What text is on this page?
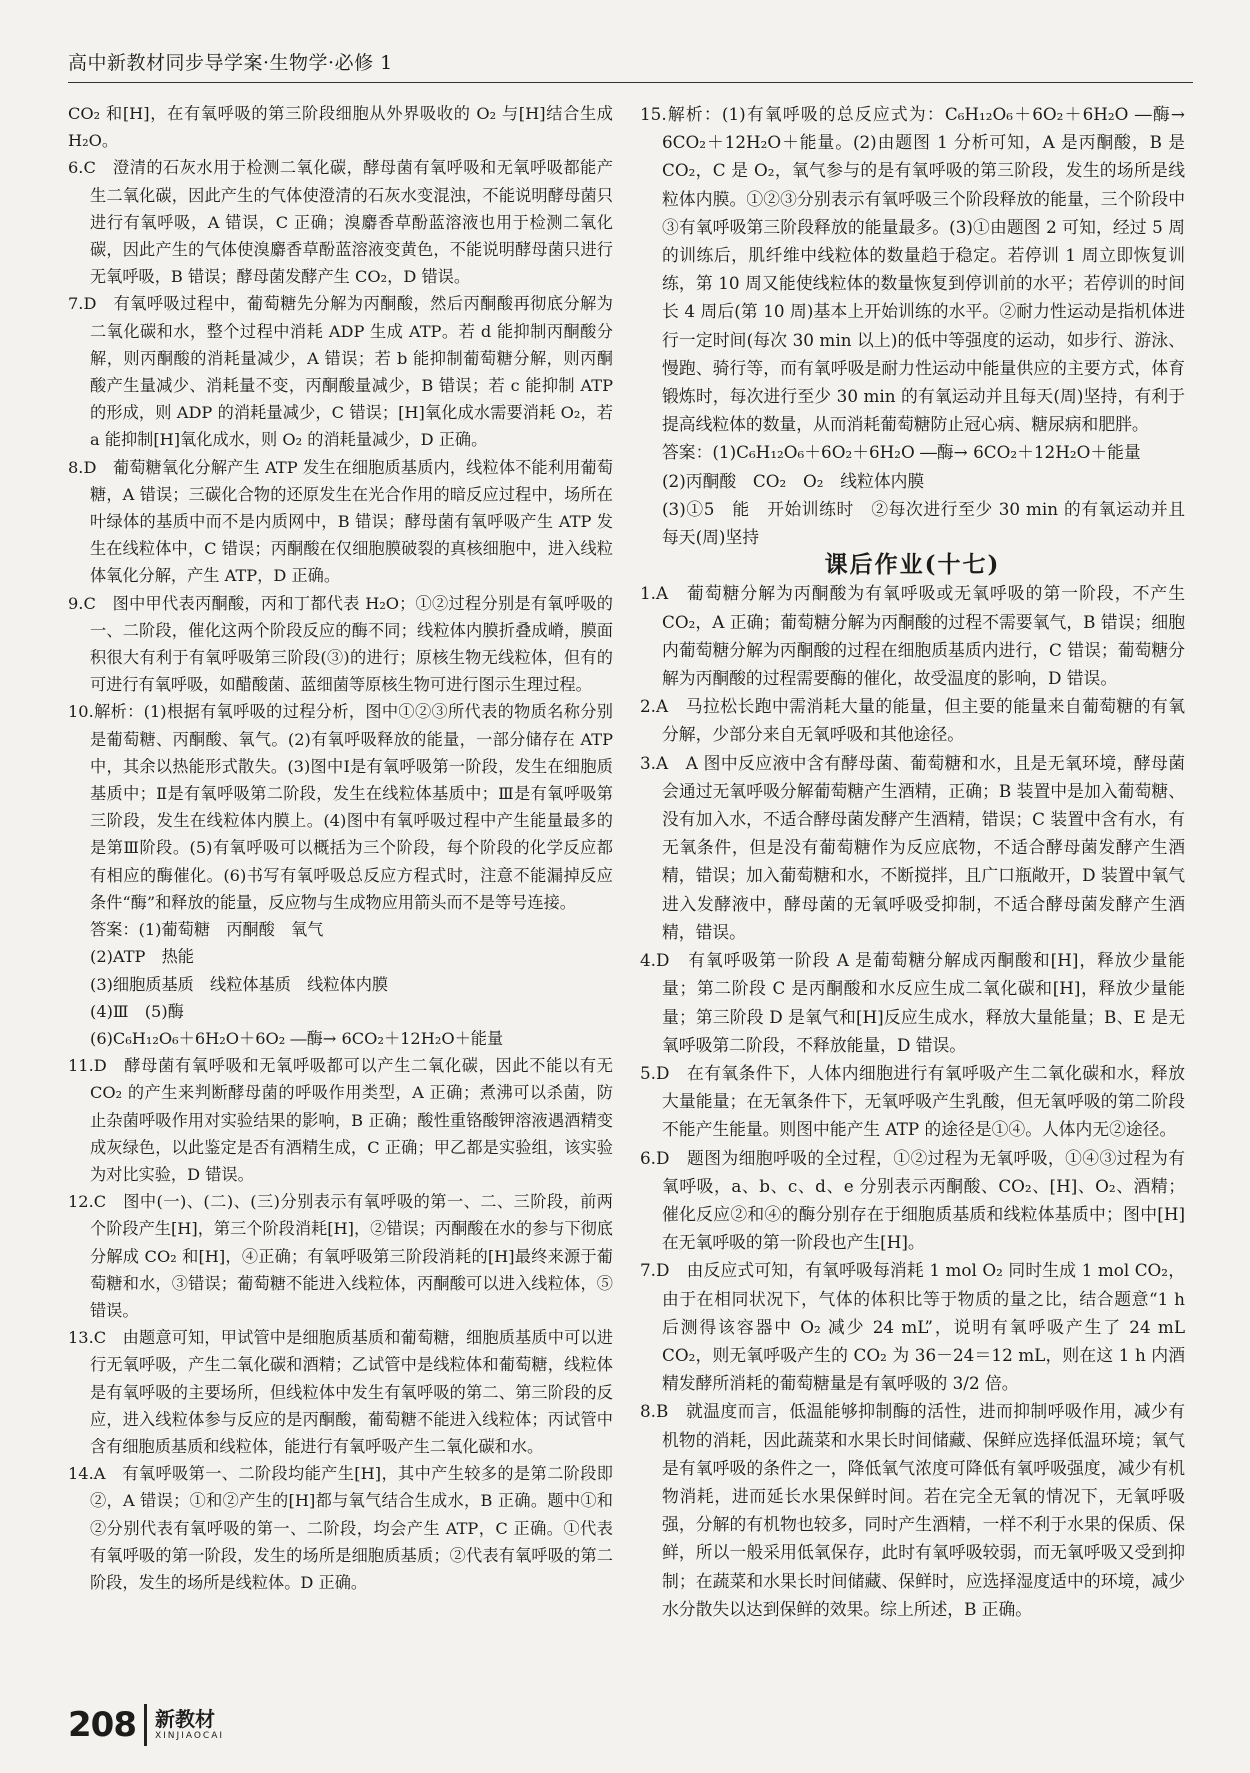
高中新教材同步导学案·生物学·必修 1

CO₂ 和[H]，在有氧呼吸的第三阶段细胞从外界吸收的 O₂ 与[H]结合生成 H₂O。

6.C　澄清的石灰水用于检测二氧化碳，酵母菌有氧呼吸和无氧呼吸都能产生二氧化碳，因此产生的气体使澄清的石灰水变混浊，不能说明酵母菌只进行有氧呼吸，A 错误，C 正确；溴麝香草酚蓝溶液也用于检测二氧化碳，因此产生的气体使溴麝香草酚蓝溶液变黄色，不能说明酵母菌只进行无氧呼吸，B 错误；酵母菌发酵产生 CO₂，D 错误。

7.D　有氧呼吸过程中，葡萄糖先分解为丙酮酸，然后丙酮酸再彻底分解为二氧化碳和水，整个过程中消耗 ADP 生成 ATP。若 d 能抑制丙酮酸分解，则丙酮酸的消耗量减少，A 错误；若 b 能抑制葡萄糖分解，则丙酮酸产生量减少、消耗量不变，丙酮酸量减少，B 错误；若 c 能抑制 ATP 的形成，则 ADP 的消耗量减少，C 错误；[H]氧化成水需要消耗 O₂，若 a 能抑制[H]氧化成水，则 O₂ 的消耗量减少，D 正确。

8.D　葡萄糖氧化分解产生 ATP 发生在细胞质基质内，线粒体不能利用葡萄糖，A 错误；三碳化合物的还原发生在光合作用的暗反应过程中，场所在叶绿体的基质中而不是内质网中，B 错误；酵母菌有氧呼吸产生 ATP 发生在线粒体中，C 错误；丙酮酸在仅细胞膜破裂的真核细胞中，进入线粒体氧化分解，产生 ATP，D 正确。

9.C　图中甲代表丙酮酸，丙和丁都代表 H₂O；①②过程分别是有氧呼吸的一、二阶段，催化这两个阶段反应的酶不同；线粒体内膜折叠成嵴，膜面积很大有利于有氧呼吸第三阶段(③)的进行；原核生物无线粒体，但有的可进行有氧呼吸，如醋酸菌、蓝细菌等原核生物可进行图示生理过程。

10.解析：(1)根据有氧呼吸的过程分析，图中①②③所代表的物质名称分别是葡萄糖、丙酮酸、氧气。(2)有氧呼吸释放的能量，一部分储存在 ATP 中，其余以热能形式散失。(3)图中Ⅰ是有氧呼吸第一阶段，发生在细胞质基质中；Ⅱ是有氧呼吸第二阶段，发生在线粒体基质中；Ⅲ是有氧呼吸第三阶段，发生在线粒体内膜上。(4)图中有氧呼吸过程中产生能量最多的是第Ⅲ阶段。(5)有氧呼吸可以概括为三个阶段，每个阶段的化学反应都有相应的酶催化。(6)书写有氧呼吸总反应方程式时，注意不能漏掉反应条件“酶”和释放的能量，反应物与生成物应用箭头而不是等号连接。

答案：(1)葡萄糖　丙酮酸　氧气

(2)ATP　热能

(3)细胞质基质　线粒体基质　线粒体内膜

(4)Ⅲ　(5)酶

(6)C₆H₁₂O₆＋6H₂O＋6O₂ ―酶→ 6CO₂＋12H₂O＋能量

11.D　酵母菌有氧呼吸和无氧呼吸都可以产生二氧化碳，因此不能以有无 CO₂ 的产生来判断酵母菌的呼吸作用类型，A 正确；煮沸可以杀菌，防止杂菌呼吸作用对实验结果的影响，B 正确；酸性重铬酸钾溶液遇酒精变成灰绿色，以此鉴定是否有酒精生成，C 正确；甲乙都是实验组，该实验为对比实验，D 错误。

12.C　图中(一)、(二)、(三)分别表示有氧呼吸的第一、二、三阶段，前两个阶段产生[H]，第三个阶段消耗[H]，②错误；丙酮酸在水的参与下彻底分解成 CO₂ 和[H]，④正确；有氧呼吸第三阶段消耗的[H]最终来源于葡萄糖和水，③错误；葡萄糖不能进入线粒体，丙酮酸可以进入线粒体，⑤错误。

13.C　由题意可知，甲试管中是细胞质基质和葡萄糖，细胞质基质中可以进行无氧呼吸，产生二氧化碳和酒精；乙试管中是线粒体和葡萄糖，线粒体是有氧呼吸的主要场所，但线粒体中发生有氧呼吸的第二、第三阶段的反应，进入线粒体参与反应的是丙酮酸，葡萄糖不能进入线粒体；丙试管中含有细胞质基质和线粒体，能进行有氧呼吸产生二氧化碳和水。

14.A　有氧呼吸第一、二阶段均能产生[H]，其中产生较多的是第二阶段即②，A 错误；①和②产生的[H]都与氧气结合生成水，B 正确。题中①和②分别代表有氧呼吸的第一、二阶段，均会产生 ATP，C 正确。①代表有氧呼吸的第一阶段，发生的场所是细胞质基质；②代表有氧呼吸的第二阶段，发生的场所是线粒体。D 正确。

15.解析：(1)有氧呼吸的总反应式为：C₆H₁₂O₆＋6O₂＋6H₂O ―酶→ 6CO₂＋12H₂O＋能量。(2)由题图 1 分析可知，A 是丙酮酸，B 是 CO₂，C 是 O₂，氧气参与的是有氧呼吸的第三阶段，发生的场所是线粒体内膜。①②③分别表示有氧呼吸三个阶段释放的能量，三个阶段中③有氧呼吸第三阶段释放的能量最多。(3)①由题图 2 可知，经过 5 周的训练后，肌纤维中线粒体的数量趋于稳定。若停训 1 周立即恢复训练，第 10 周又能使线粒体的数量恢复到停训前的水平；若停训的时间长 4 周后(第 10 周)基本上开始训练的水平。②耐力性运动是指机体进行一定时间(每次 30 min 以上)的低中等强度的运动，如步行、游泳、慢跑、骑行等，而有氧呼吸是耐力性运动中能量供应的主要方式，体育锻炼时，每次进行至少 30 min 的有氧运动并且每天(周)坚持，有利于提高线粒体的数量，从而消耗葡萄糖防止冠心病、糖尿病和肥胖。

答案：(1)C₆H₁₂O₆＋6O₂＋6H₂O ―酶→ 6CO₂＋12H₂O＋能量

(2)丙酮酸　CO₂　O₂　线粒体内膜

(3)①5　能　开始训练时　②每次进行至少 30 min 的有氧运动并且每天(周)坚持

课后作业(十七)

1.A　葡萄糖分解为丙酮酸为有氧呼吸或无氧呼吸的第一阶段，不产生 CO₂，A 正确；葡萄糖分解为丙酮酸的过程不需要氧气，B 错误；细胞内葡萄糖分解为丙酮酸的过程在细胞质基质内进行，C 错误；葡萄糖分解为丙酮酸的过程需要酶的催化，故受温度的影响，D 错误。

2.A　马拉松长跑中需消耗大量的能量，但主要的能量来自葡萄糖的有氧分解，少部分来自无氧呼吸和其他途径。

3.A　A 图中反应液中含有酵母菌、葡萄糖和水，且是无氧环境，酵母菌会通过无氧呼吸分解葡萄糖产生酒精，正确；B 装置中是加入葡萄糖、没有加入水，不适合酵母菌发酵产生酒精，错误；C 装置中含有水，有无氧条件，但是没有葡萄糖作为反应底物，不适合酵母菌发酵产生酒精，错误；加入葡萄糖和水，不断搅拌，且广口瓶敞开，D 装置中氧气进入发酵液中，酵母菌的无氧呼吸受抑制，不适合酵母菌发酵产生酒精，错误。

4.D　有氧呼吸第一阶段 A 是葡萄糖分解成丙酮酸和[H]，释放少量能量；第二阶段 C 是丙酮酸和水反应生成二氧化碳和[H]，释放少量能量；第三阶段 D 是氧气和[H]反应生成水，释放大量能量；B、E 是无氧呼吸第二阶段，不释放能量，D 错误。

5.D　在有氧条件下，人体内细胞进行有氧呼吸产生二氧化碳和水，释放大量能量；在无氧条件下，无氧呼吸产生乳酸，但无氧呼吸的第二阶段不能产生能量。则图中能产生 ATP 的途径是①④。人体内无②途径。

6.D　题图为细胞呼吸的全过程，①②过程为无氧呼吸，①④③过程为有氧呼吸，a、b、c、d、e 分别表示丙酮酸、CO₂、[H]、O₂、酒精；催化反应②和④的酶分别存在于细胞质基质和线粒体基质中；图中[H]在无氧呼吸的第一阶段也产生[H]。

7.D　由反应式可知，有氧呼吸每消耗 1 mol O₂ 同时生成 1 mol CO₂，由于在相同状况下，气体的体积比等于物质的量之比，结合题意“1 h 后测得该容器中 O₂ 减少 24 mL”，说明有氧呼吸产生了 24 mL CO₂，则无氧呼吸产生的 CO₂ 为 36－24＝12 mL，则在这 1 h 内酒精发酵所消耗的葡萄糖量是有氧呼吸的 3/2 倍。

8.B　就温度而言，低温能够抑制酶的活性，进而抑制呼吸作用，减少有机物的消耗，因此蔬菜和水果长时间储藏、保鲜应选择低温环境；氧气是有氧呼吸的条件之一，降低氧气浓度可降低有氧呼吸强度，减少有机物消耗，进而延长水果保鲜时间。若在完全无氧的情况下，无氧呼吸强，分解的有机物也较多，同时产生酒精，一样不利于水果的保质、保鲜，所以一般采用低氧保存，此时有氧呼吸较弱，而无氧呼吸又受到抑制；在蔬菜和水果长时间储藏、保鲜时，应选择湿度适中的环境，减少水分散失以达到保鲜的效果。综上所述，B 正确。

208 新教材
XINJIAOCAI
